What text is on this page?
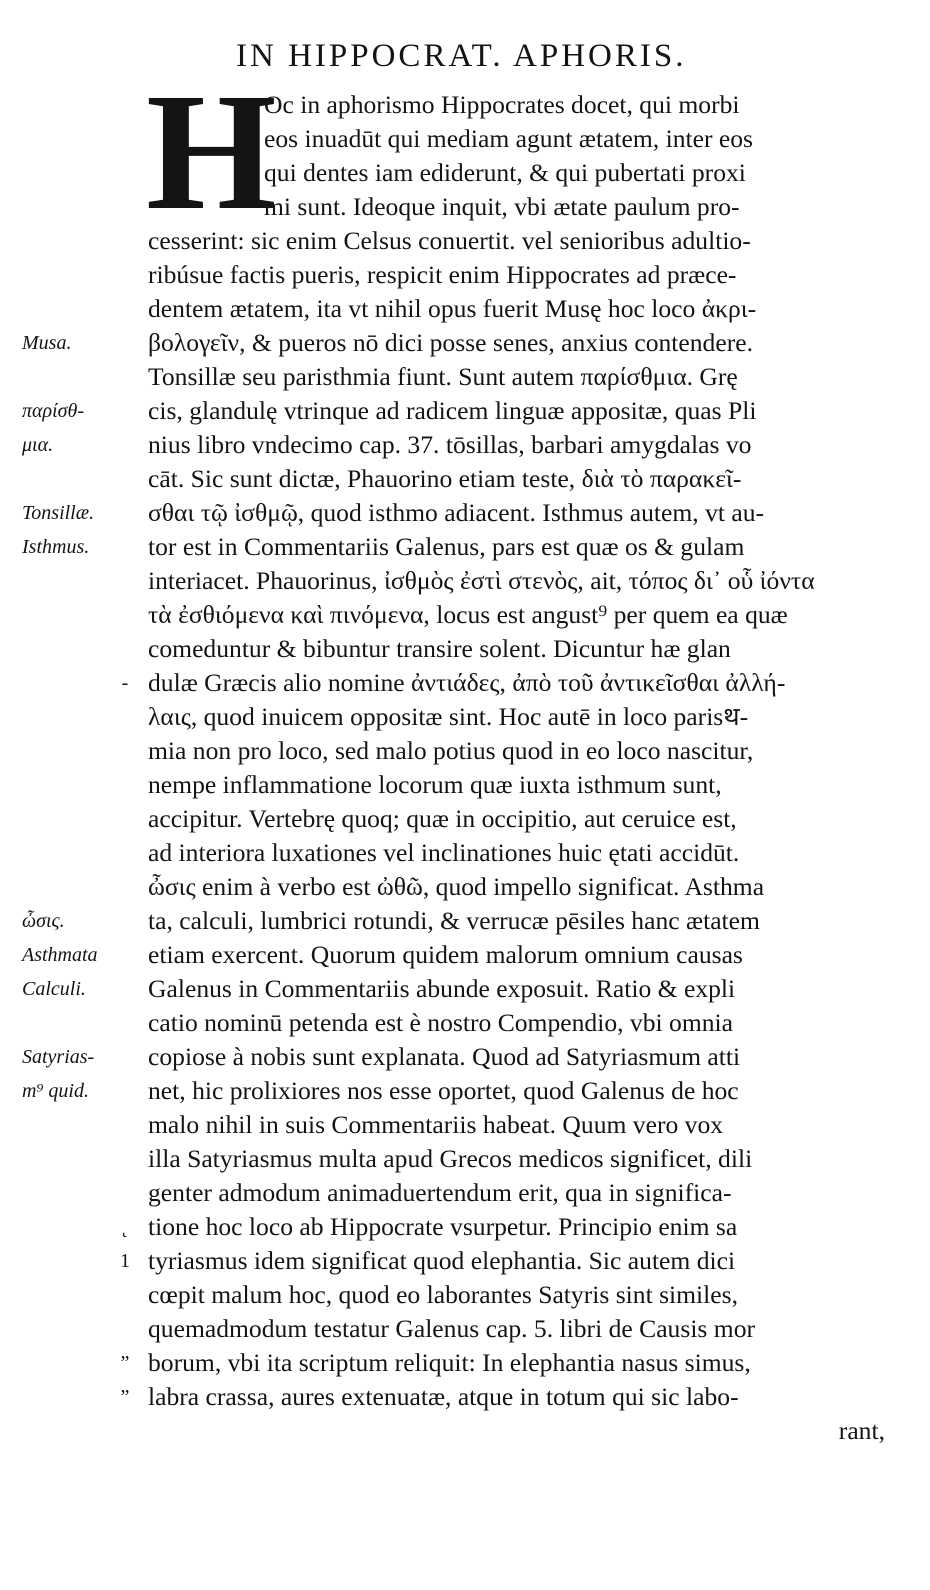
IN HIPPOCRAT. APHORIS.
H
Oc in aphorismo Hippocrates docet, qui morbi
eos inuadūt qui mediam agunt ætatem, inter eos
qui dentes iam ediderunt, & qui pubertati proxi
mi sunt. Ideoque inquit, vbi ætate paulum pro-
cesserint: sic enim Celsus conuertit. vel senioribus adultio-
ribúsue factis pueris, respicit enim Hippocrates ad præce-
dentem ætatem, ita vt nihil opus fuerit Musę hoc loco ἀκρι-
βολογεῖν, & pueros nō dici posse senes, anxius contendere.
Tonsillæ seu paristhmia fiunt. Sunt autem παρίσθμια. Grę
cis, glandulę vtrinque ad radicem linguæ appositæ, quas Pli
nius libro vndecimo cap. 37. tōsillas, barbari amygdalas vo
cāt. Sic sunt dictæ, Phauorino etiam teste, διὰ τὸ παρακεῖ-
σθαι τῷ ἰσθμῷ, quod isthmo adiacent. Isthmus autem, vt au-
tor est in Commentariis Galenus, pars est quæ os & gulam
interiacet. Phauorinus, ἰσθμὸς ἐστὶ στενὸς, ait, τόπος δι᾽ οὗ ἰόντα
τὰ ἐσθιόμενα καὶ πινόμενα, locus est angust⁹ per quem ea quæ
comeduntur & bibuntur transire solent. Dicuntur hæ glan
dulæ Græcis alio nomine ἀντιάδες, ἀπὸ τοῦ ἀντικεῖσθαι ἀλλή-
λαις, quod inuicem oppositæ sint. Hoc autē in loco parisथ-
mia non pro loco, sed malo potius quod in eo loco nascitur,
nempe inflammatione locorum quæ iuxta isthmum sunt,
accipitur. Vertebrę quoq; quæ in occipitio, aut ceruice est,
ad interiora luxationes vel inclinationes huic ętati accidūt.
ὦσις enim à verbo est ὠθῶ, quod impello significat. Asthma
ta, calculi, lumbrici rotundi, & verrucæ pēsiles hanc ætatem
etiam exercent. Quorum quidem malorum omnium causas
Galenus in Commentariis abunde exposuit. Ratio & expli
catio nominū petenda est è nostro Compendio, vbi omnia
copiose à nobis sunt explanata. Quod ad Satyriasmum atti
net, hic prolixiores nos esse oportet, quod Galenus de hoc
malo nihil in suis Commentariis habeat. Quum vero vox
illa Satyriasmus multa apud Grecos medicos significet, dili
genter admodum animaduertendum erit, qua in significa-
tione hoc loco ab Hippocrate vsurpetur. Principio enim sa
tyriasmus idem significat quod elephantia. Sic autem dici
cœpit malum hoc, quod eo laborantes Satyris sint similes,
quemadmodum testatur Galenus cap. 5. libri de Causis mor
borum, vbi ita scriptum reliquit: In elephantia nasus simus,
labra crassa, aures extenuatæ, atque in totum qui sic labo-
rant,
Musa.
παρίσθ-
μια.
Tonsillæ.
Isthmus.
ὦσις.
Asthmata
Calculi.
Satyrias-
m⁹ quid.
-
˛
1
”
”
